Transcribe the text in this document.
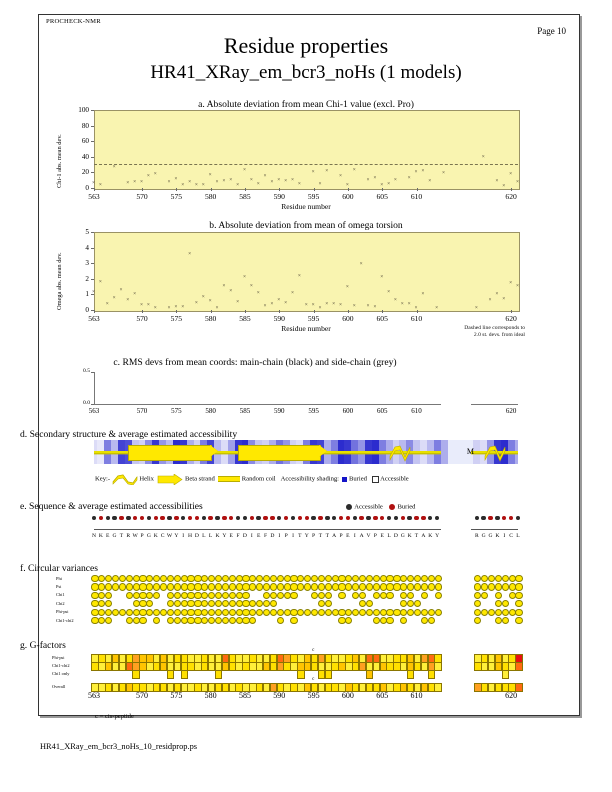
PROCHECK-NMR
Page 10
Residue properties
HR41_XRay_em_bcr3_noHs (1 models)
a. Absolute deviation from mean Chi-1 value (excl. Pro)
0
20
40
60
80
100
Chi-1 abs. mean dev.
563	570	575	580	585	590	595	600	605	610	620
Residue number
× ×
×
× × ×
× ×
×
×
×
×
× ×
×
× × ×
×
×
×
×
×
× × × ×
×
×
×
×
×
×
×
× ×
× ×
× ×
× ×
×
×
×
×
×
×
×
b. Absolute deviation from mean of omega torsion
0
1
2
3
4
5
Omega abs. mean dev.
563	570	575	580	585	590	595	600	605	610	620
Residue number
×
×
×
×
×
×
×
× ×
× × × ×
×
×
×
×
×
×
×
×
×
×
×
× ×
×
×
×
×
× ×
×
× × ×
×
×
×
× ×
×
×
×
× ×
×
×
×	×
×
×
×
×
×
Dashed line corresponds to
2.0 st. devs. from ideal
c. RMS devs from mean coords: main-chain (black) and side-chain (grey)
0.5
0.0
563	570	575	580	585	590	595	600	605	610	620
d. Secondary structure & average estimated accessibility
M
Key:-	Helix	Beta strand	Random coil Accessibility shading: Buried Accessible
e. Sequence & average estimated accessibilities	Accessible Buried
N K E G T R W P G K C W Y I H D L L K Y E F D I E F D I P I T Y P T T A P E I A V P E L D G K T A K Y	R G G K I C L
f. Circular variances
Phi
Psi
Chi1
Chi2
Phi-psi
Chi1-chi2
g. G-factors
Phi-psi
Chi1-chi2
Chi1 only
Overall
c
c
563	570	575	580	585	590	595	600	605	610	620
c = cis-peptide
HR41_XRay_em_bcr3_noHs_10_residprop.ps
